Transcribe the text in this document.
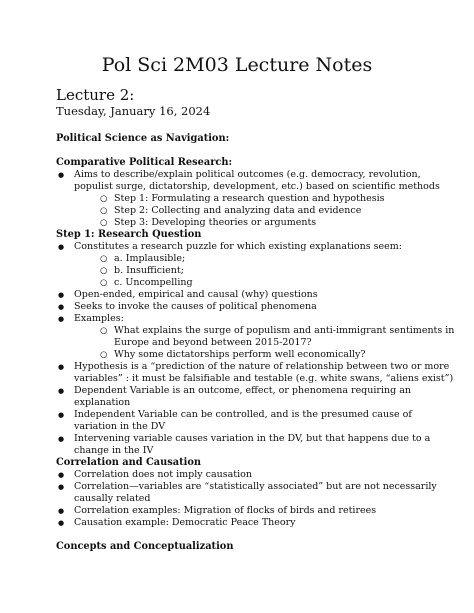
Pol Sci 2M03 Lecture Notes
Lecture 2:
Tuesday, January 16, 2024
Political Science as Navigation:
Comparative Political Research:
● Aims to describe/explain political outcomes (e.g. democracy, revolution, populist surge, dictatorship, development, etc.) based on scientific methods
○ Step 1: Formulating a research question and hypothesis
○ Step 2: Collecting and analyzing data and evidence
○ Step 3: Developing theories or arguments
Step 1: Research Question
● Constitutes a research puzzle for which existing explanations seem:
○ a. Implausible;
○ b. Insufficient;
○ c. Uncompelling
● Open-ended, empirical and causal (why) questions
● Seeks to invoke the causes of political phenomena
● Examples:
○ What explains the surge of populism and anti-immigrant sentiments in Europe and beyond between 2015-2017?
○ Why some dictatorships perform well economically?
● Hypothesis is a “prediction of the nature of relationship between two or more variables” : it must be falsifiable and testable (e.g. white swans, “aliens exist”)
● Dependent Variable is an outcome, effect, or phenomena requiring an explanation
● Independent Variable can be controlled, and is the presumed cause of variation in the DV
● Intervening variable causes variation in the DV, but that happens due to a change in the IV
Correlation and Causation
● Correlation does not imply causation
● Correlation—variables are “statistically associated” but are not necessarily causally related
● Correlation examples: Migration of flocks of birds and retirees
● Causation example: Democratic Peace Theory
Concepts and Conceptualization
